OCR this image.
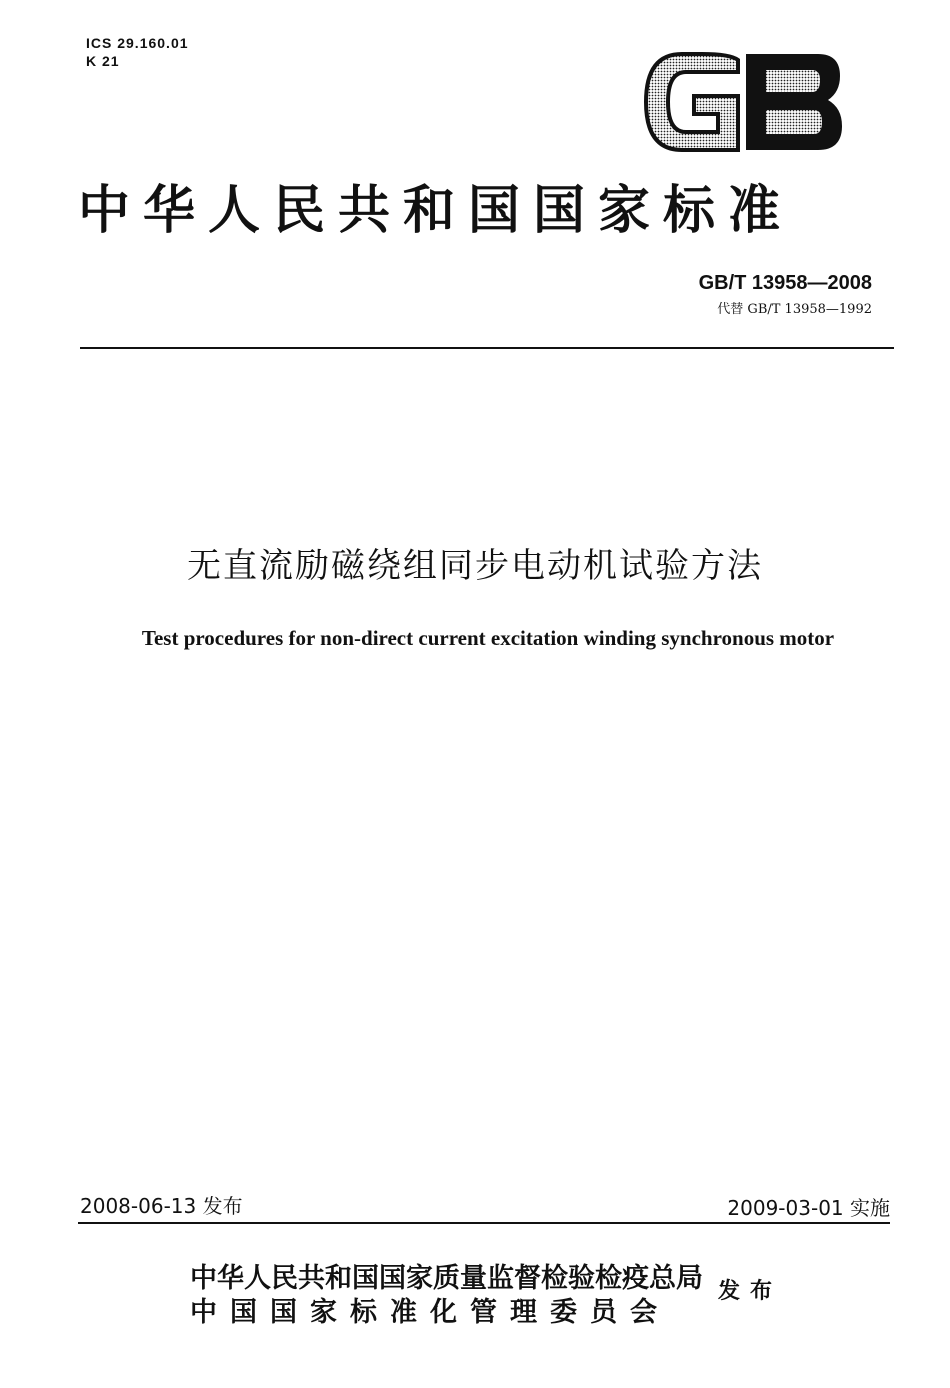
ICS 29.160.01
K 21
中华人民共和国国家标准
GB/T 13958—2008
代替 GB/T 13958—1992
无直流励磁绕组同步电动机试验方法
Test procedures for non-direct current excitation winding synchronous motor
2008-06-13 发布	2009-03-01 实施
中华人民共和国国家质量监督检验检疫总局
中国国家标准化管理委员会
发布
